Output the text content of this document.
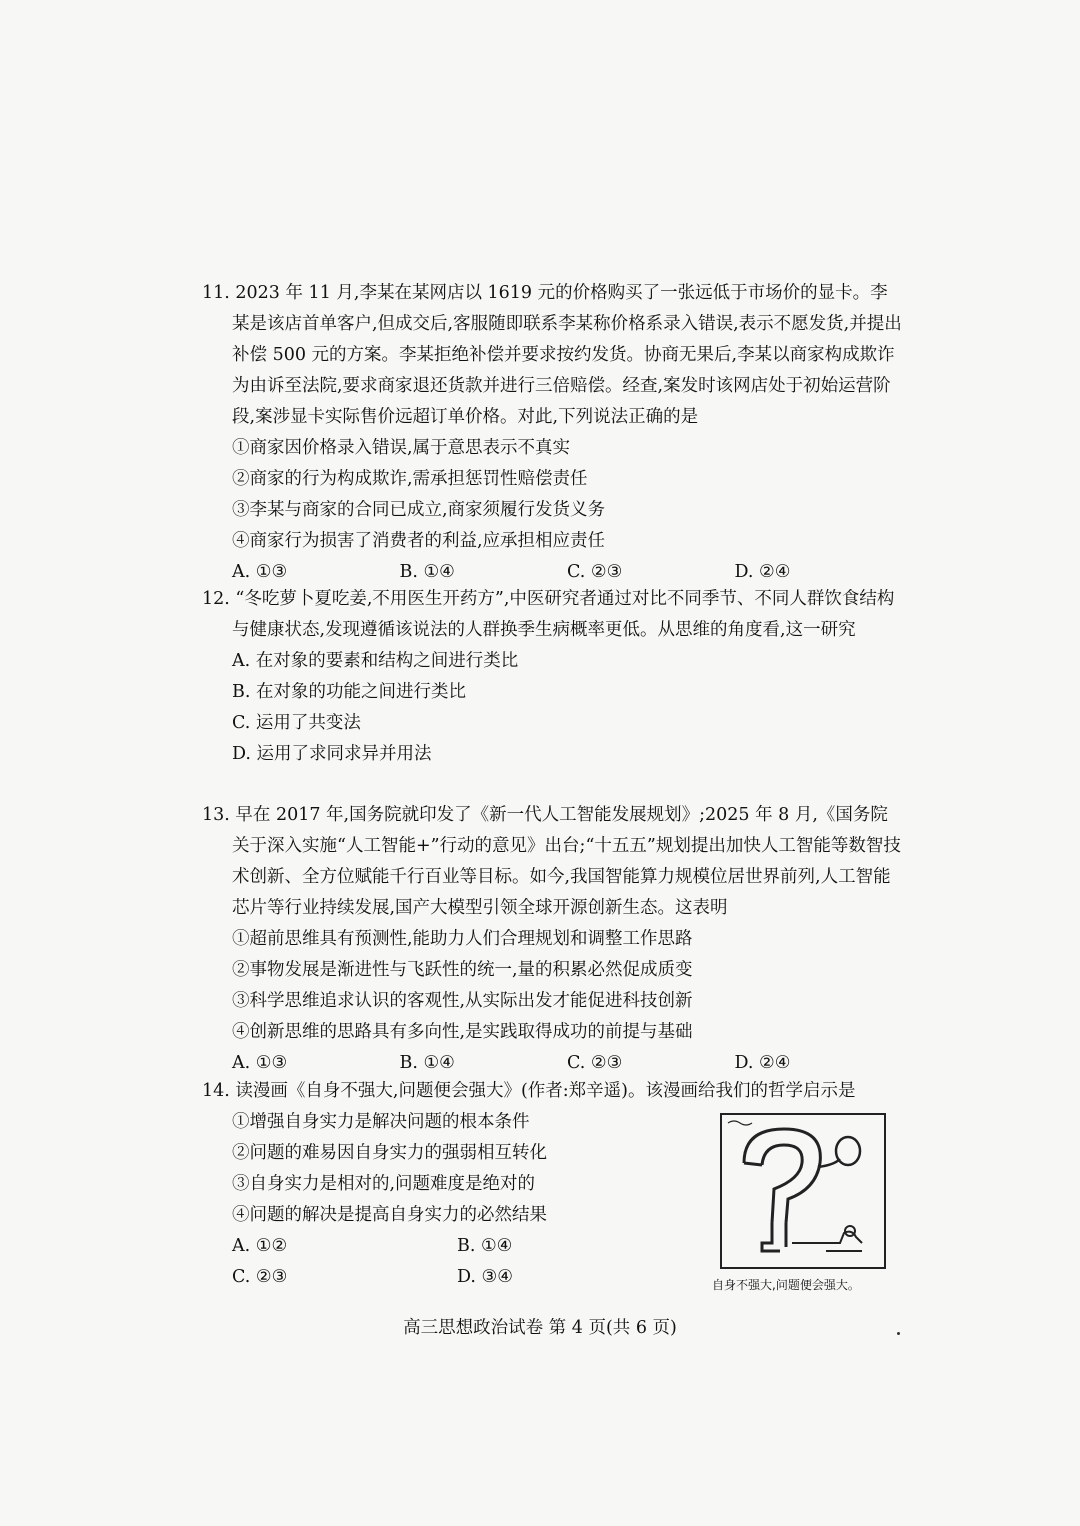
11. 2023 年 11 月,李某在某网店以 1619 元的价格购买了一张远低于市场价的显卡。李某是该店首单客户,但成交后,客服随即联系李某称价格系录入错误,表示不愿发货,并提出补偿 500 元的方案。李某拒绝补偿并要求按约发货。协商无果后,李某以商家构成欺诈为由诉至法院,要求商家退还货款并进行三倍赔偿。经查,案发时该网店处于初始运营阶段,案涉显卡实际售价远超订单价格。对此,下列说法正确的是

①商家因价格录入错误,属于意思表示不真实

②商家的行为构成欺诈,需承担惩罚性赔偿责任

③李某与商家的合同已成立,商家须履行发货义务

④商家行为损害了消费者的利益,应承担相应责任

A. ①③	B. ①④	C. ②③	D. ②④

12. “冬吃萝卜夏吃姜,不用医生开药方”,中医研究者通过对比不同季节、不同人群饮食结构与健康状态,发现遵循该说法的人群换季生病概率更低。从思维的角度看,这一研究

A. 在对象的要素和结构之间进行类比

B. 在对象的功能之间进行类比

C. 运用了共变法

D. 运用了求同求异并用法

13. 早在 2017 年,国务院就印发了《新一代人工智能发展规划》;2025 年 8 月,《国务院关于深入实施“人工智能+”行动的意见》出台;“十五五”规划提出加快人工智能等数智技术创新、全方位赋能千行百业等目标。如今,我国智能算力规模位居世界前列,人工智能芯片等行业持续发展,国产大模型引领全球开源创新生态。这表明

①超前思维具有预测性,能助力人们合理规划和调整工作思路

②事物发展是渐进性与飞跃性的统一,量的积累必然促成质变

③科学思维追求认识的客观性,从实际出发才能促进科技创新

④创新思维的思路具有多向性,是实践取得成功的前提与基础

A. ①③	B. ①④	C. ②③	D. ②④

14. 读漫画《自身不强大,问题便会强大》(作者:郑辛遥)。该漫画给我们的哲学启示是

①增强自身实力是解决问题的根本条件
②问题的难易因自身实力的强弱相互转化
③自身实力是相对的,问题难度是绝对的
④问题的解决是提高自身实力的必然结果
A. ①②	B. ①④
C. ②③	D. ③④	自身不强大,问题便会强大。
高三思想政治试卷 第 4 页(共 6 页)
